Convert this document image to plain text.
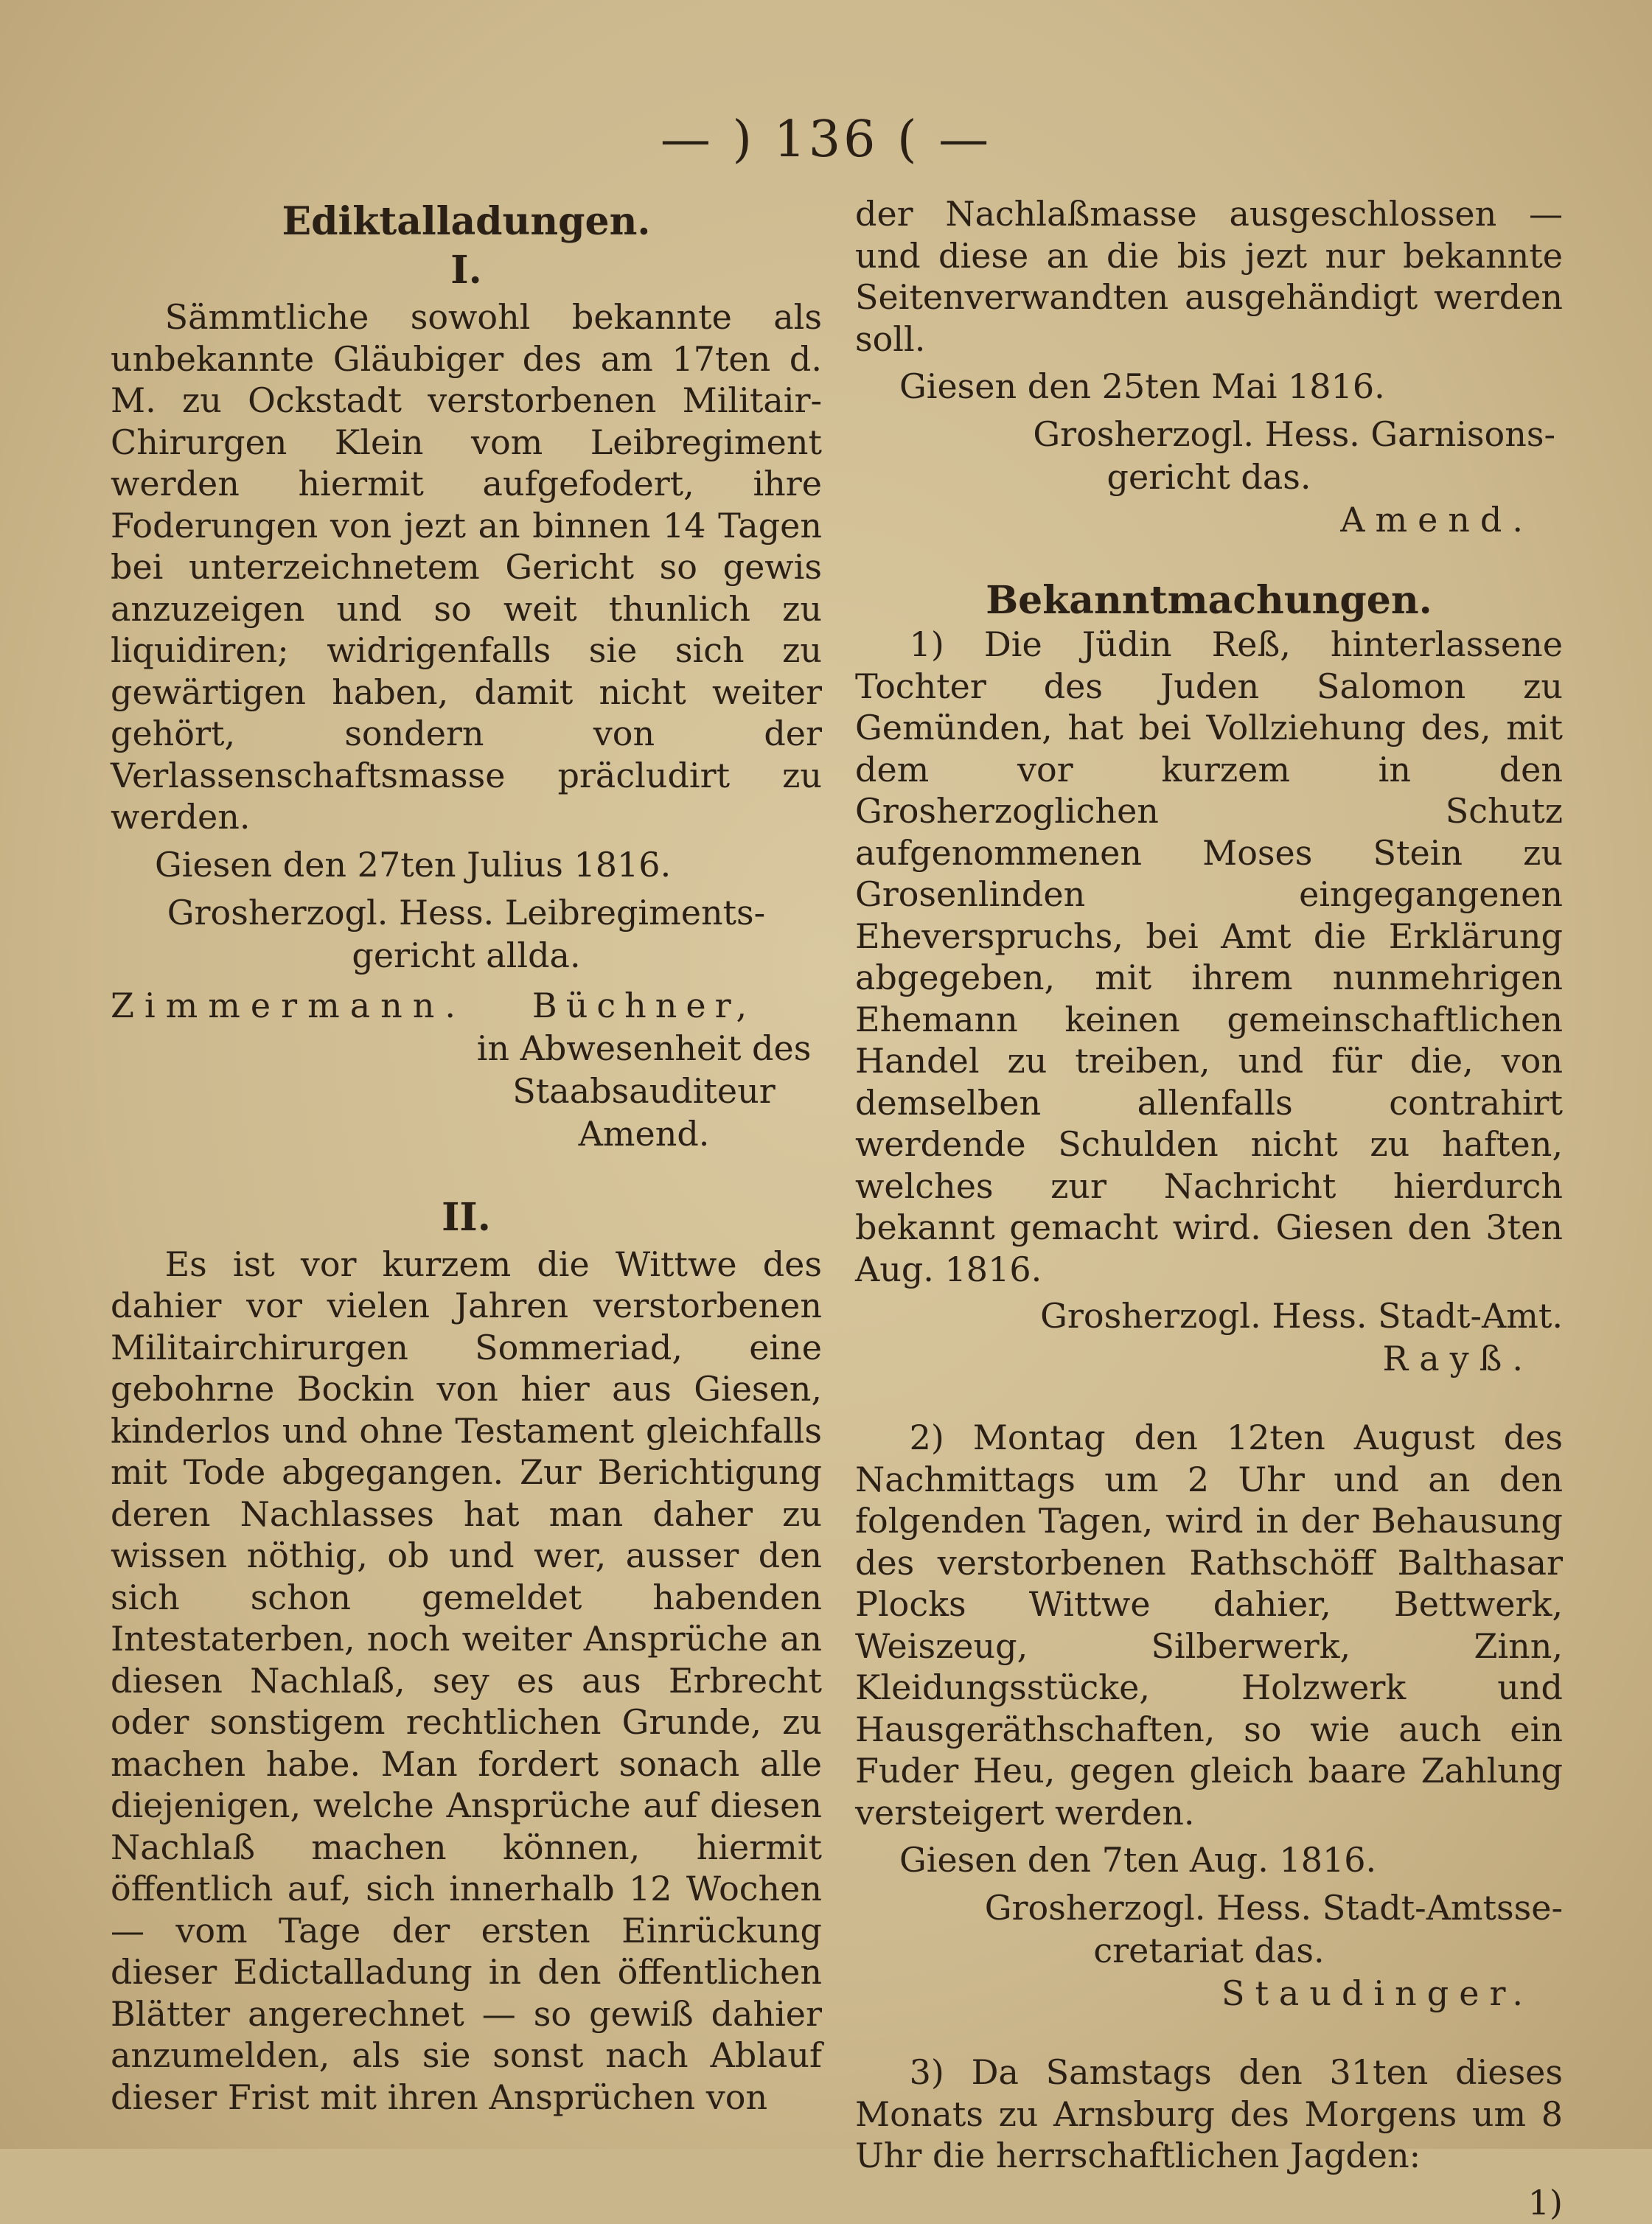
— ) 136 ( —

Ediktalladungen.

I.

Sämmtliche sowohl bekannte als unbekannte Gläubiger des am 17ten d. M. zu Ockstadt verstorbenen Militair-Chirurgen Klein vom Leibregiment werden hiermit aufgefodert, ihre Foderungen von jezt an binnen 14 Tagen bei unterzeichnetem Gericht so gewis anzuzeigen und so weit thunlich zu liquidiren; widrigenfalls sie sich zu gewärtigen haben, damit nicht weiter gehört, sondern von der Verlassenschaftsmasse präcludirt zu werden.

Giesen den 27ten Julius 1816.

Grosherzogl. Hess. Leibregiments-

gericht allda.

Zimmermann.	Büchner,
in Abwesenheit des
Staabsauditeur
Amend.

II.

Es ist vor kurzem die Wittwe des dahier vor vielen Jahren verstorbenen Militairchirurgen Sommeriad, eine gebohrne Bockin von hier aus Giesen, kinderlos und ohne Testament gleichfalls mit Tode abgegangen. Zur Berichtigung deren Nachlasses hat man daher zu wissen nöthig, ob und wer, ausser den sich schon gemeldet habenden Intestaterben, noch weiter Ansprüche an diesen Nachlaß, sey es aus Erbrecht oder sonstigem rechtlichen Grunde, zu machen habe. Man fordert sonach alle diejenigen, welche Ansprüche auf diesen Nachlaß machen können, hiermit öffentlich auf, sich innerhalb 12 Wochen — vom Tage der ersten Einrückung dieser Edictalladung in den öffentlichen Blätter angerechnet — so gewiß dahier anzumelden, als sie sonst nach Ablauf dieser Frist mit ihren Ansprüchen von

der Nachlaßmasse ausgeschlossen — und diese an die bis jezt nur bekannte Seitenverwandten ausgehändigt werden soll.

Giesen den 25ten Mai 1816.

Grosherzogl. Hess. Garnisons-

gericht das.

Amend.

Bekanntmachungen.

1) Die Jüdin Reß, hinterlassene Tochter des Juden Salomon zu Gemünden, hat bei Vollziehung des, mit dem vor kurzem in den Grosherzoglichen Schutz aufgenommenen Moses Stein zu Grosenlinden eingegangenen Eheverspruchs, bei Amt die Erklärung abgegeben, mit ihrem nunmehrigen Ehemann keinen gemeinschaftlichen Handel zu treiben, und für die, von demselben allenfalls contrahirt werdende Schulden nicht zu haften, welches zur Nachricht hierdurch bekannt gemacht wird. Giesen den 3ten Aug. 1816.

Grosherzogl. Hess. Stadt-Amt.

Rayß.

2) Montag den 12ten August des Nachmittags um 2 Uhr und an den folgenden Tagen, wird in der Behausung des verstorbenen Rathschöff Balthasar Plocks Wittwe dahier, Bettwerk, Weiszeug, Silberwerk, Zinn, Kleidungsstücke, Holzwerk und Hausgeräthschaften, so wie auch ein Fuder Heu, gegen gleich baare Zahlung versteigert werden.

Giesen den 7ten Aug. 1816.

Grosherzogl. Hess. Stadt-Amtsse-

cretariat das.

Staudinger.

3) Da Samstags den 31ten dieses Monats zu Arnsburg des Morgens um 8 Uhr die herrschaftlichen Jagden:

1)
